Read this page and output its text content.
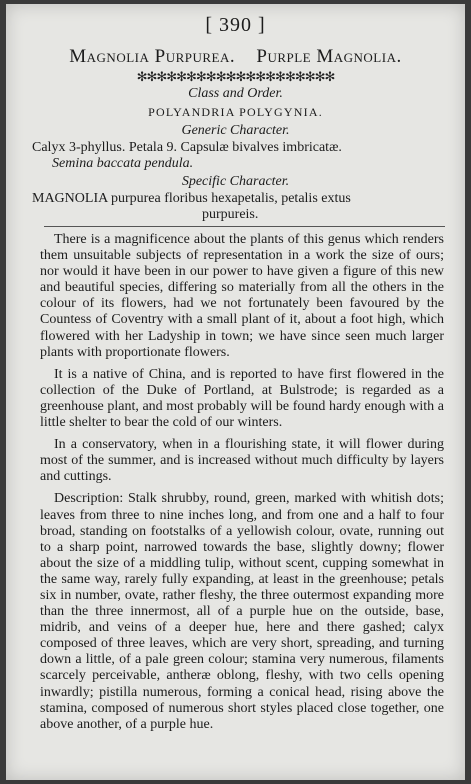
[ 390 ]
Magnolia Purpurea. Purple Magnolia.
✻✻✻✻✻✻✻✻✻✻✻✻✻✻✻✻✻✻✻✻
Class and Order.
POLYANDRIA POLYGYNIA.
Generic Character.
Calyx 3-phyllus. Petala 9. Capsulæ bivalves imbricatæ.
Semina baccata pendula.
Specific Character.
MAGNOLIA purpurea floribus hexapetalis, petalis extus
purpureis.

There is a magnificence about the plants of this genus which renders them unsuitable subjects of representation in a work the size of ours; nor would it have been in our power to have given a figure of this new and beautiful species, differing so materially from all the others in the colour of its flowers, had we not fortunately been favoured by the Countess of Coventry with a small plant of it, about a foot high, which flowered with her Ladyship in town; we have since seen much larger plants with proportionate flowers.

It is a native of China, and is reported to have first flowered in the collection of the Duke of Portland, at Bulstrode; is regarded as a greenhouse plant, and most probably will be found hardy enough with a little shelter to bear the cold of our winters.

In a conservatory, when in a flourishing state, it will flower during most of the summer, and is increased without much difficulty by layers and cuttings.

Description: Stalk shrubby, round, green, marked with whitish dots; leaves from three to nine inches long, and from one and a half to four broad, standing on footstalks of a yellowish colour, ovate, running out to a sharp point, narrowed towards the base, slightly downy; flower about the size of a middling tulip, without scent, cupping somewhat in the same way, rarely fully expanding, at least in the greenhouse; petals six in number, ovate, rather fleshy, the three outermost expanding more than the three innermost, all of a purple hue on the outside, base, midrib, and veins of a deeper hue, here and there gashed; calyx composed of three leaves, which are very short, spreading, and turning down a little, of a pale green colour; stamina very numerous, filaments scarcely perceivable, antheræ oblong, fleshy, with two cells opening inwardly; pistilla numerous, forming a conical head, rising above the stamina, composed of numerous short styles placed close together, one above another, of a purple hue.
